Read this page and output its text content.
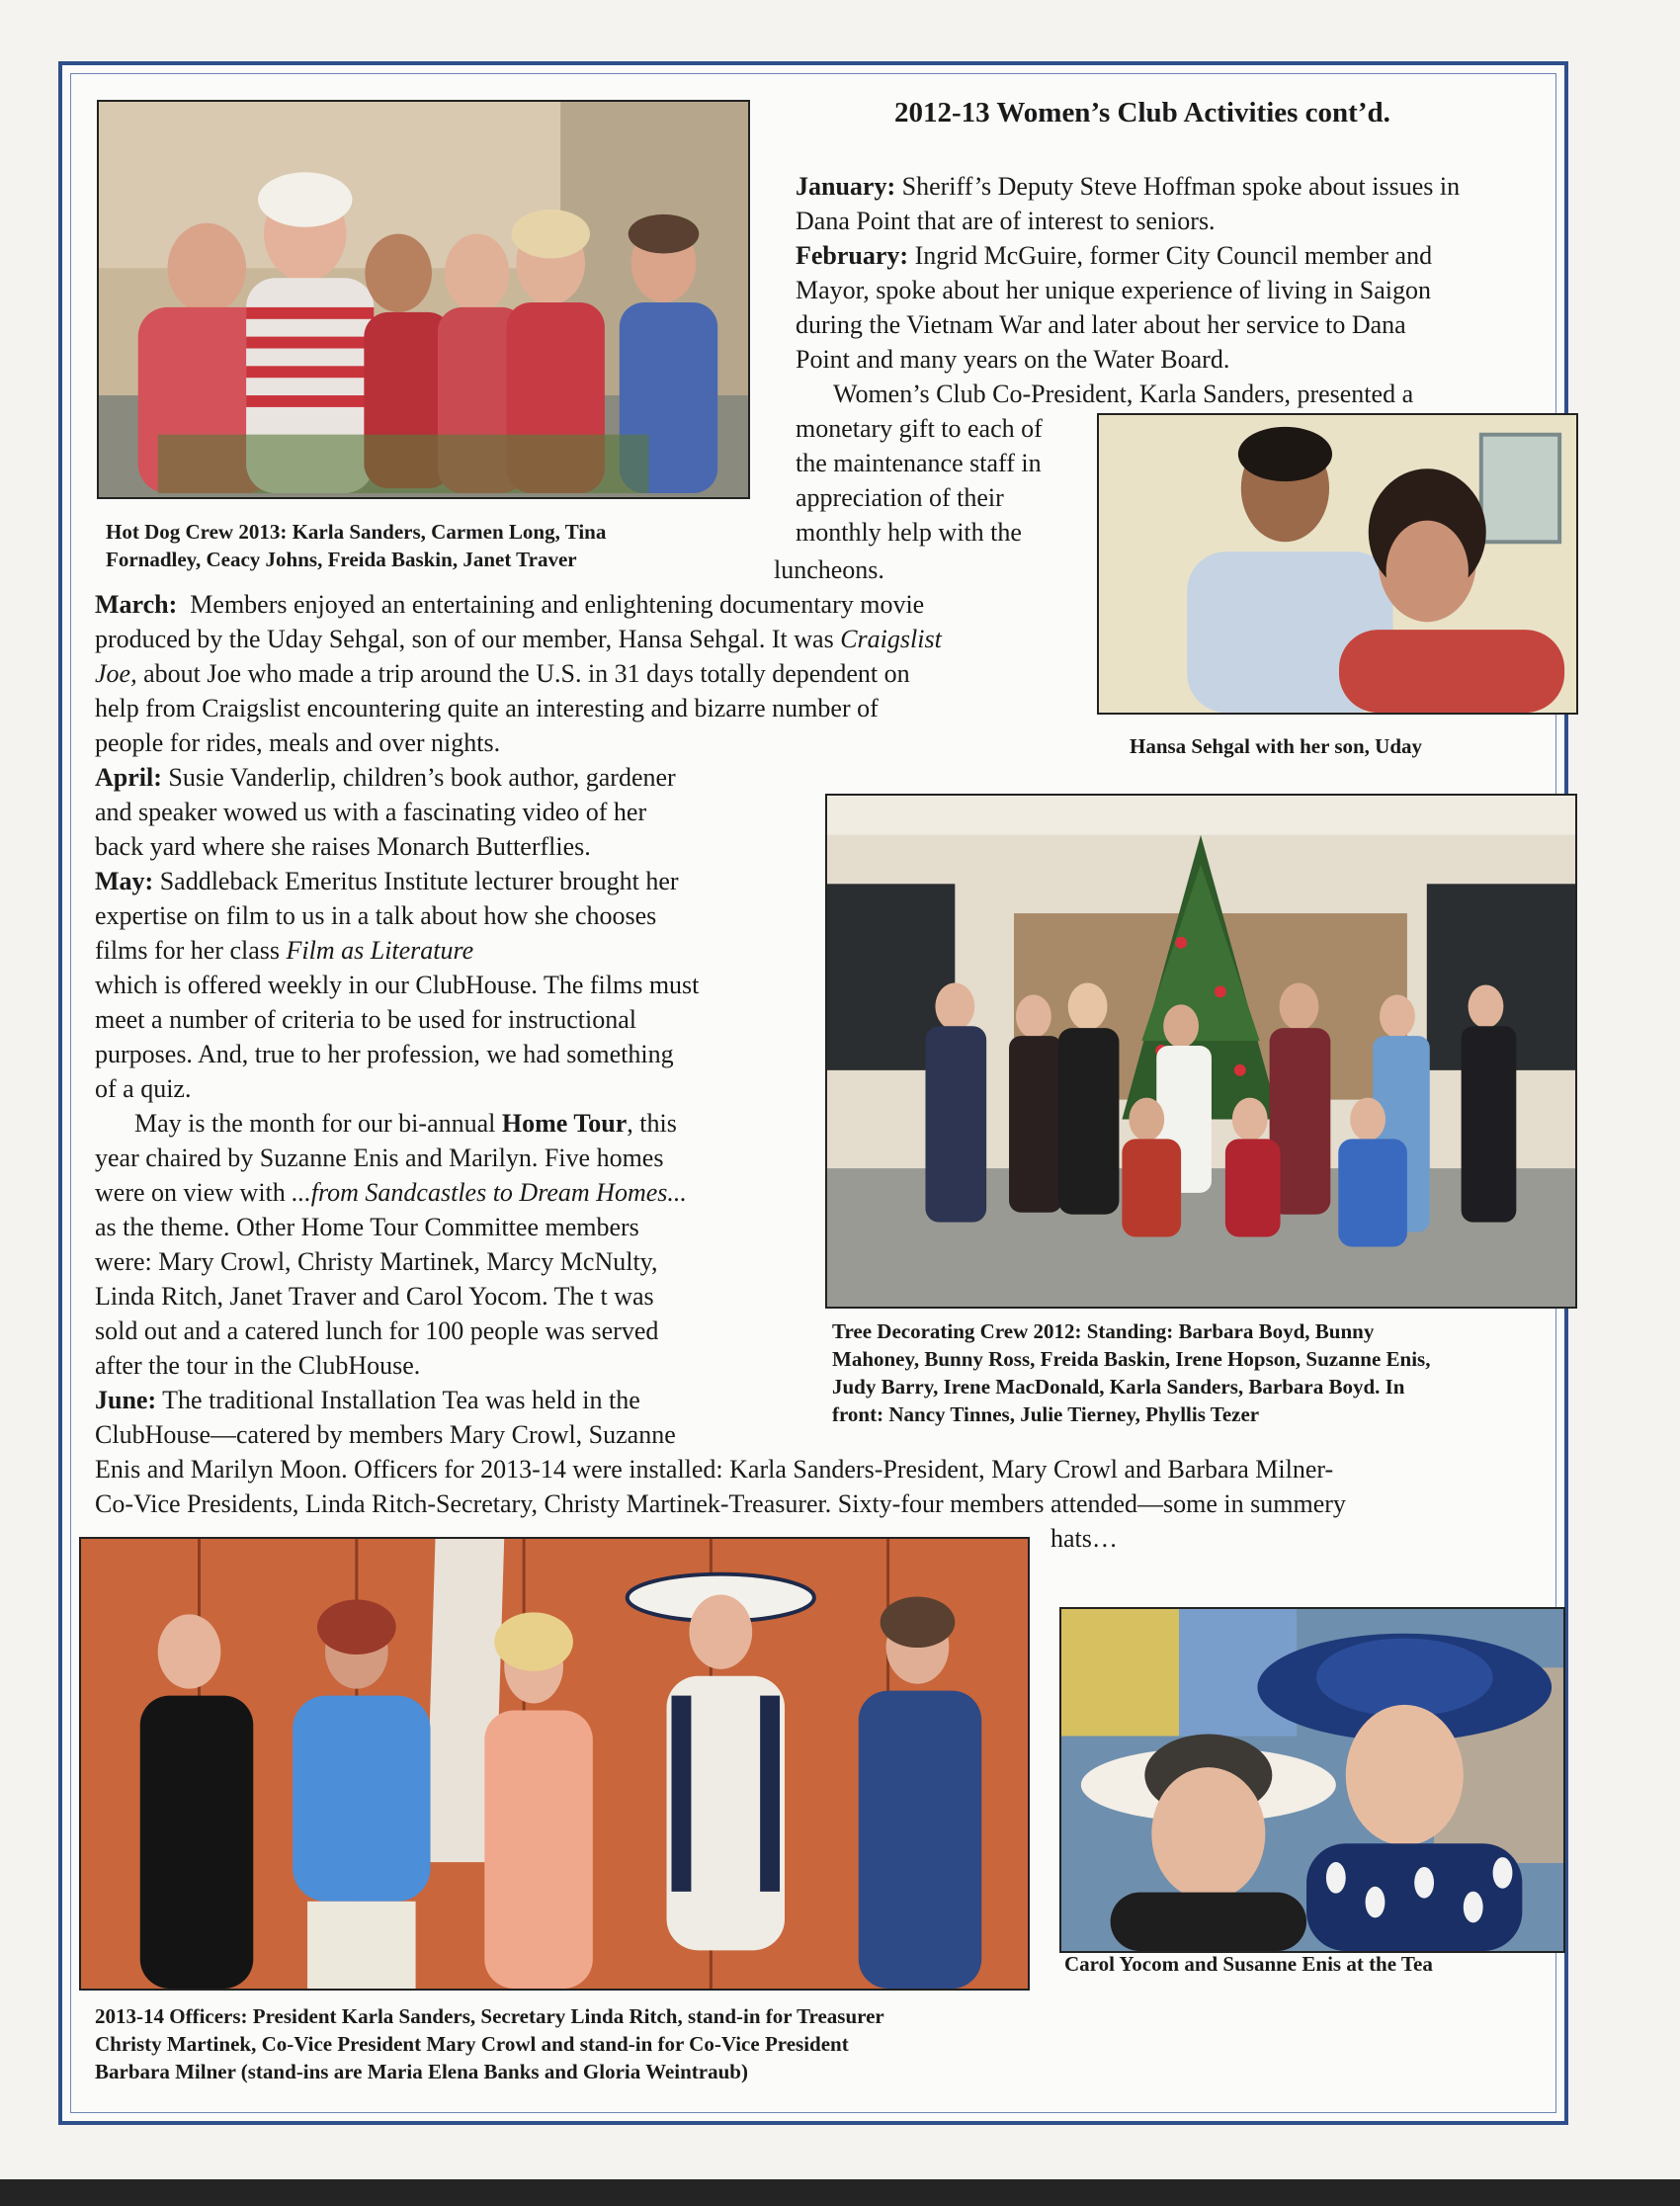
2012-13 Women’s Club Activities cont’d.

Hot Dog Crew 2013: Karla Sanders, Carmen Long, Tina

Fornadley, Ceacy Johns, Freida Baskin, Janet Traver

Hansa Sehgal with her son, Uday

Tree Decorating Crew 2012: Standing: Barbara Boyd, Bunny

Mahoney, Bunny Ross, Freida Baskin, Irene Hopson, Suzanne Enis,

Judy Barry, Irene MacDonald, Karla Sanders, Barbara Boyd. In

front: Nancy Tinnes, Julie Tierney, Phyllis Tezer

2013-14 Officers: President Karla Sanders, Secretary Linda Ritch, stand-in for Treasurer

Christy Martinek, Co-Vice President Mary Crowl and stand-in for Co-Vice President

Barbara Milner (stand-ins are Maria Elena Banks and Gloria Weintraub)

Carol Yocom and Susanne Enis at the Tea

January: Sheriff’s Deputy Steve Hoffman spoke about issues in

Dana Point that are of interest to seniors.

February: Ingrid McGuire, former City Council member and

Mayor, spoke about her unique experience of living in Saigon

during the Vietnam War and later about her service to Dana

Point and many years on the Water Board.

Women’s Club Co-President, Karla Sanders, presented a

monetary gift to each of

the maintenance staff in

appreciation of their

monthly help with the

luncheons.

March: Members enjoyed an entertaining and enlightening documentary movie

produced by the Uday Sehgal, son of our member, Hansa Sehgal. It was Craigslist

Joe, about Joe who made a trip around the U.S. in 31 days totally dependent on

help from Craigslist encountering quite an interesting and bizarre number of

people for rides, meals and over nights.

April: Susie Vanderlip, children’s book author, gardener

and speaker wowed us with a fascinating video of her

back yard where she raises Monarch Butterflies.

May: Saddleback Emeritus Institute lecturer brought her

expertise on film to us in a talk about how she chooses

films for her class Film as Literature

which is offered weekly in our ClubHouse. The films must

meet a number of criteria to be used for instructional

purposes. And, true to her profession, we had something

of a quiz.

May is the month for our bi-annual Home Tour, this

year chaired by Suzanne Enis and Marilyn. Five homes

were on view with ...from Sandcastles to Dream Homes...

as the theme. Other Home Tour Committee members

were: Mary Crowl, Christy Martinek, Marcy McNulty,

Linda Ritch, Janet Traver and Carol Yocom. The t was

sold out and a catered lunch for 100 people was served

after the tour in the ClubHouse.

June: The traditional Installation Tea was held in the

ClubHouse—catered by members Mary Crowl, Suzanne

Enis and Marilyn Moon. Officers for 2013-14 were installed: Karla Sanders-President, Mary Crowl and Barbara Milner-

Co-Vice Presidents, Linda Ritch-Secretary, Christy Martinek-Treasurer. Sixty-four members attended—some in summery

hats…
